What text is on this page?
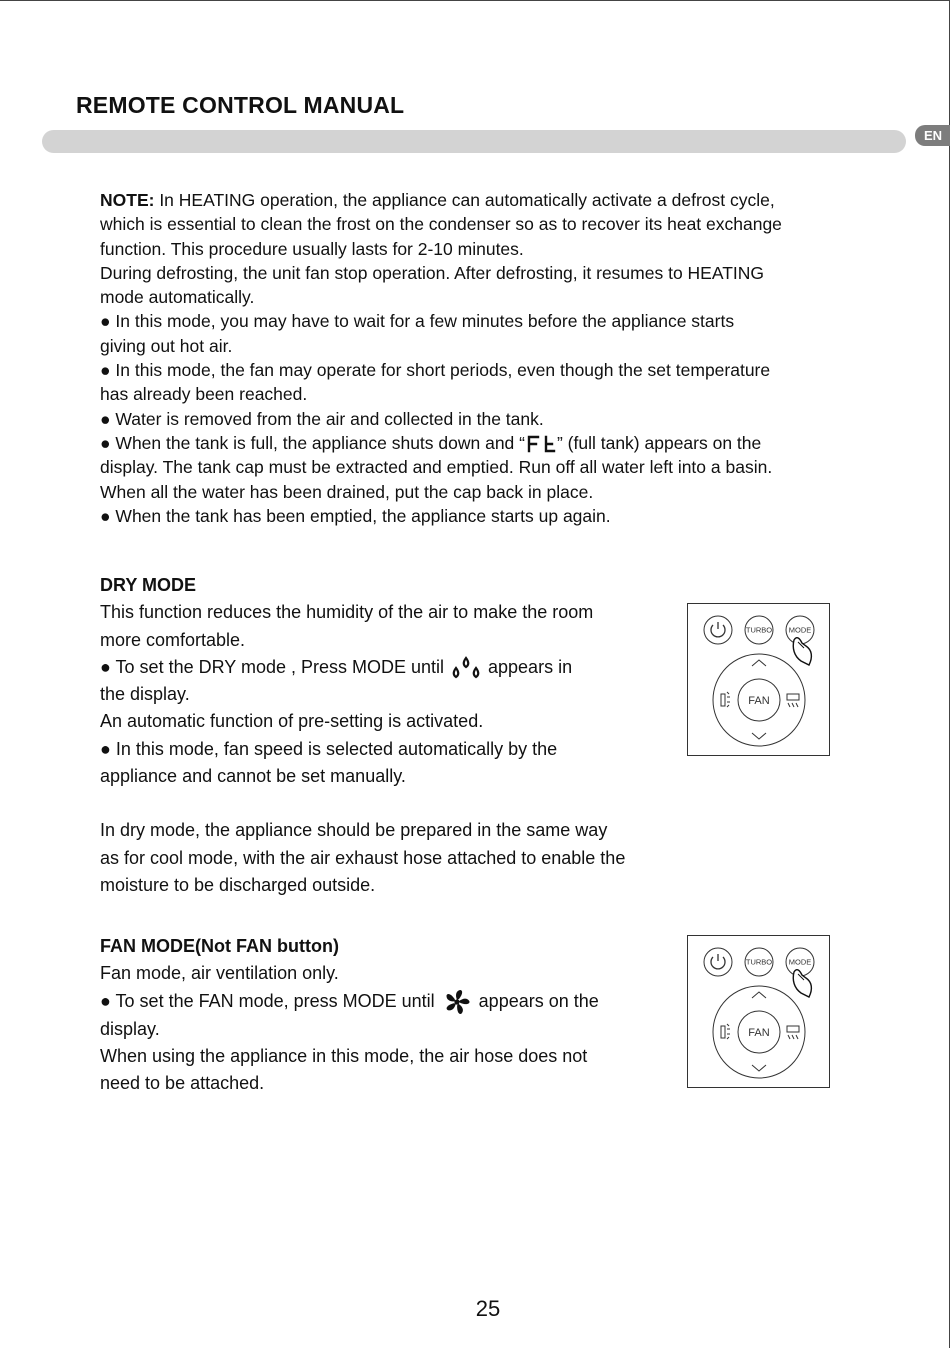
REMOTE CONTROL MANUAL
EN

NOTE: In HEATING operation, the appliance can automatically activate a defrost cycle,

which is essential to clean the frost on the condenser so as to recover its heat exchange

function. This procedure usually lasts for 2-10 minutes.

During defrosting, the unit fan stop operation. After defrosting, it resumes to HEATING

mode automatically.

● In this mode, you may have to wait for a few minutes before the appliance starts

giving out hot air.

● In this mode, the fan may operate for short periods, even though the set temperature

has already been reached.

● Water is removed from the air and collected in the tank.

● When the tank is full, the appliance shuts down and “ ” (full tank) appears on the

display. The tank cap must be extracted and emptied. Run off all water left into a basin.

When all the water has been drained, put the cap back in place.

● When the tank has been emptied, the appliance starts up again.

DRY MODE

This function reduces the humidity of the air to make the room

more comfortable.

● To set the DRY mode , Press MODE until  appears in

the display.

An automatic function of pre-setting is activated.

● In this mode, fan speed is selected automatically by the

appliance and cannot be set manually.

In dry mode, the appliance should be prepared in the same way

as for cool mode, with the air exhaust hose attached to enable the

moisture to be discharged outside.

FAN MODE(Not FAN button)

Fan mode, air ventilation only.

● To set the FAN mode, press MODE until  appears on the

display.

When using the appliance in this mode, the air hose does not

need to be attached.

TURBO MODE
FAN
TURBO MODE
FAN
25
